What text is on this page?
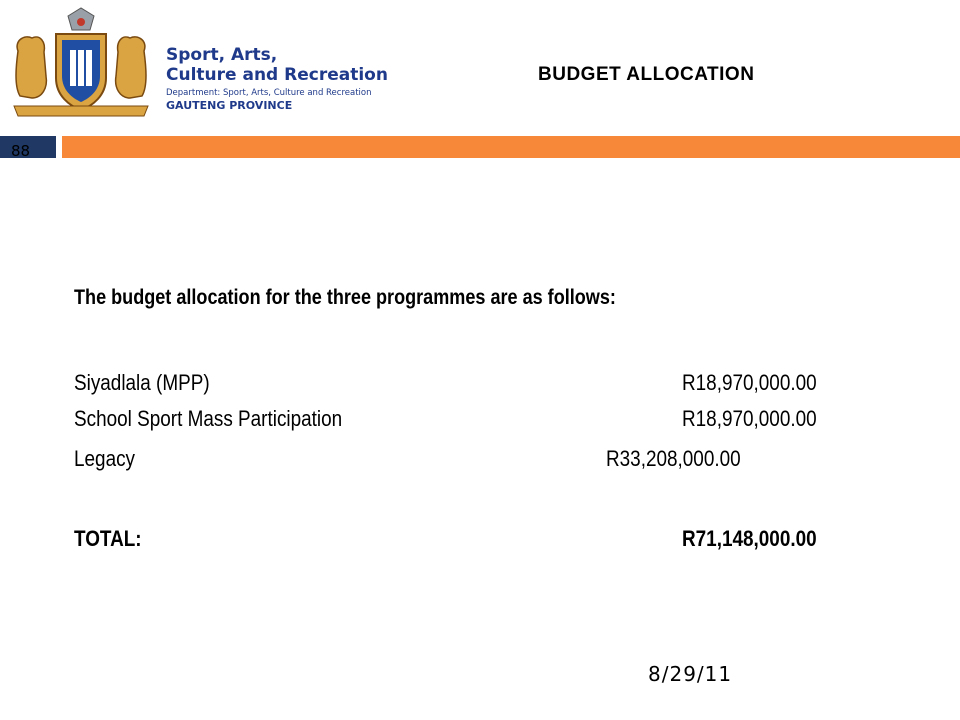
Sport, Arts,
Culture and Recreation
Department: Sport, Arts, Culture and Recreation
GAUTENG PROVINCE
BUDGET ALLOCATION
88
The budget allocation for the three programmes are as follows:
Siyadlala (MPP)	R18,970,000.00
School Sport Mass Participation	R18,970,000.00
Legacy	R33,208,000.00
TOTAL:	R71,148,000.00
8/29/11
